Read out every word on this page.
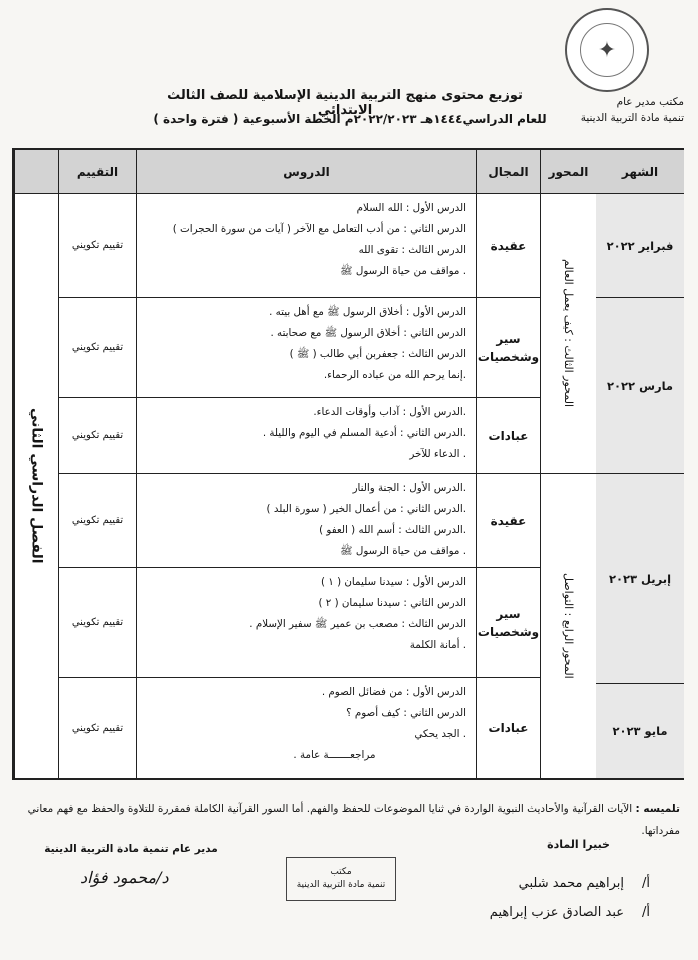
✦
مكتب مدير عام
تنمية مادة التربية الدينية
توزيع محتوى منهج التربية الدينية الإسلامية للصف الثالث الابتدائي
للعام الدراسي١٤٤٤هـ ٢٠٢٢/٢٠٢٣م الخطة الأسبوعية ( فترة واحدة )
الشهر
المحور
المجال
الدروس
التقييم
الفصل الدراسي الثاني
فبراير ٢٠٢٢
مارس ٢٠٢٢
إبريل ٢٠٢٣
مايو ٢٠٢٣
المحور الثالث : كيف يعمل العالم
المحور الرابع : التواصل
عقيدة
الدرس الأول : الله السلام
الدرس الثاني : من أدب التعامل مع الآخر ( آيات من سورة الحجرات )
الدرس الثالث : تقوى الله
. مواقف من حياة الرسول ﷺ
تقييم تكويني
سير وشخصيات
الدرس الأول : أخلاق الرسول ﷺ مع أهل بيته .
الدرس الثاني : أخلاق الرسول ﷺ مع صحابته .
الدرس الثالث : جعفربن أبي طالب ( ﷺ )
.إنما يرحم الله من عباده الرحماء.
تقييم تكويني
عبادات
.الدرس الأول : آداب وأوقات الدعاء.
.الدرس الثاني : أدعية المسلم في اليوم والليلة .
. الدعاء للآخر
تقييم تكويني
عقيدة
.الدرس الأول : الجنة والنار
.الدرس الثاني : من أعمال الخير ( سورة البلد )
.الدرس الثالث : أسم الله ( العفو )
. مواقف من حياة الرسول ﷺ
تقييم تكويني
سير وشخصيات
الدرس الأول : سيدنا سليمان ( ١ )
الدرس الثاني : سيدنا سليمان ( ٢ )
الدرس الثالث : مصعب بن عمير ﷺ سفير الإسلام .
. أمانة الكلمة
تقييم تكويني
عبادات
الدرس الأول : من فضائل الصوم .
الدرس الثاني : كيف أصوم ؟
. الجد يحكي
مراجعـــــــة عامة .
تقييم تكويني
تلميسه : الآيات القرآنية والأحاديث النبوية الواردة في ثنايا الموضوعات للحفظ والفهم. أما السور القرآنية الكاملة فمقررة للتلاوة والحفظ مع فهم معاني مفرداتها.
مدير عام تنمية مادة التربية الدينية
د/محمود فؤاد	مكتب
تنمية مادة التربية الدينية
خبيرا المادة
أ/إبراهيم محمد شلبي
أ/عبد الصادق عزب إبراهيم
